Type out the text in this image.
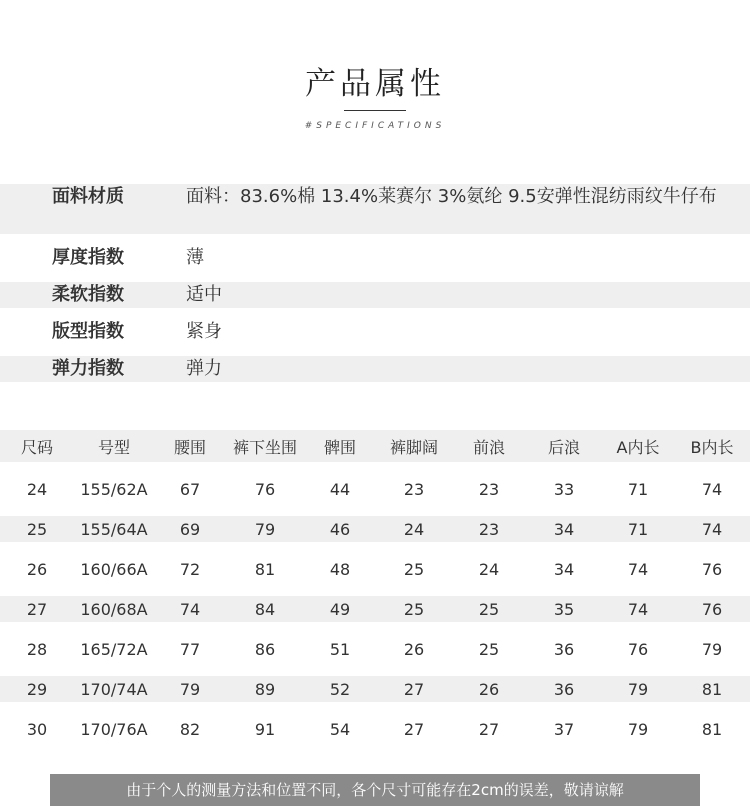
产品属性
#SPECIFICATIONS
面料材质	面料：83.6%棉 13.4%莱赛尔 3%氨纶 9.5安弹性混纺雨纹牛仔布
厚度指数	薄
柔软指数	适中
版型指数	紧身
弹力指数	弹力
尺码	号型	腰围	裤下坐围	髀围	裤脚阔	前浪	后浪	A内长	B内长
24	155/62A	67	76	44	23	23	33	71	74
25	155/64A	69	79	46	24	23	34	71	74
26	160/66A	72	81	48	25	24	34	74	76
27	160/68A	74	84	49	25	25	35	74	76
28	165/72A	77	86	51	26	25	36	76	79
29	170/74A	79	89	52	27	26	36	79	81
30	170/76A	82	91	54	27	27	37	79	81
由于个人的测量方法和位置不同，各个尺寸可能存在2cm的误差，敬请谅解
